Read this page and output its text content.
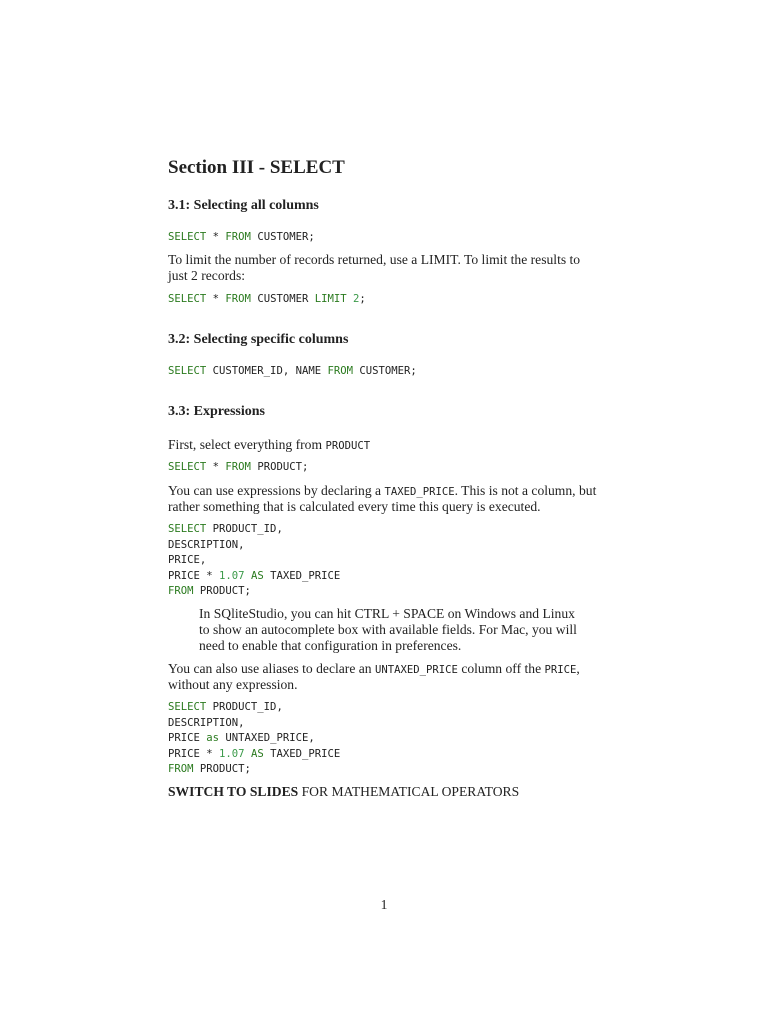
Section III - SELECT
3.1: Selecting all columns
SELECT * FROM CUSTOMER;
To limit the number of records returned, use a LIMIT. To limit the results to
just 2 records:
SELECT * FROM CUSTOMER LIMIT 2;
3.2: Selecting specific columns
SELECT CUSTOMER_ID, NAME FROM CUSTOMER;
3.3: Expressions
First, select everything from PRODUCT
SELECT * FROM PRODUCT;
You can use expressions by declaring a TAXED_PRICE. This is not a column, but
rather something that is calculated every time this query is executed.
SELECT PRODUCT_ID,
DESCRIPTION,
PRICE,
PRICE * 1.07 AS TAXED_PRICE
FROM PRODUCT;
In SQliteStudio, you can hit CTRL + SPACE on Windows and Linux
to show an autocomplete box with available fields. For Mac, you will
need to enable that configuration in preferences.
You can also use aliases to declare an UNTAXED_PRICE column off the PRICE,
without any expression.
SELECT PRODUCT_ID,
DESCRIPTION,
PRICE as UNTAXED_PRICE,
PRICE * 1.07 AS TAXED_PRICE
FROM PRODUCT;
SWITCH TO SLIDES FOR MATHEMATICAL OPERATORS
1
